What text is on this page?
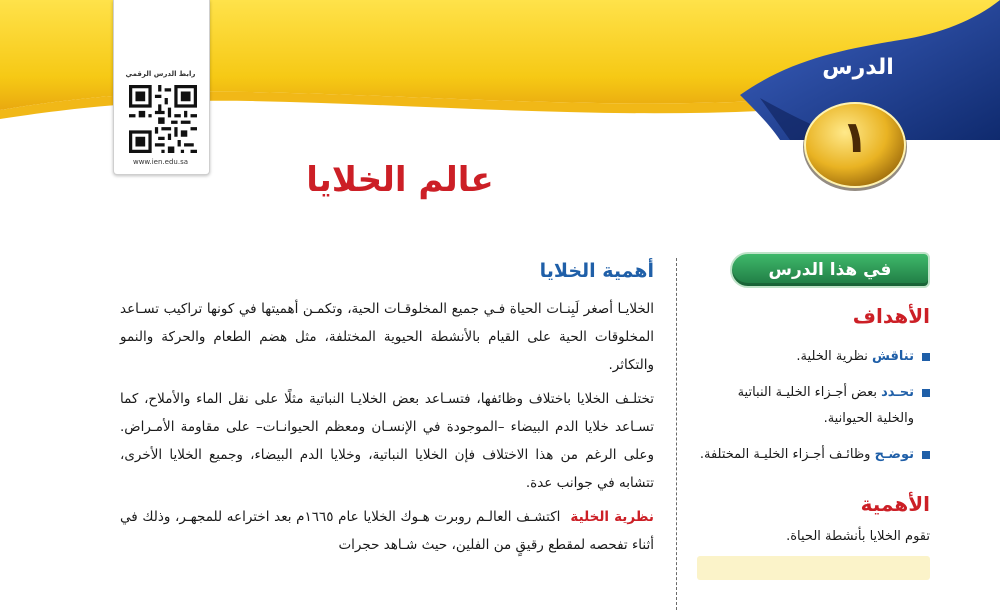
رابط الدرس الرقمي
www.ien.edu.sa
الدرس
١
عالم الخلايا
أهمية الخلايا

الخلايـا أصغر لَبِنـات الحياة فـي جميع المخلوقـات الحية، وتكمـن أهميتها في كونها تراكيب تسـاعد المخلوقات الحية على القيام بالأنشطة الحيوية المختلفة، مثل هضم الطعام والحركة والنمو والتكاثر.

تختلـف الخلايا باختلاف وظائفها، فتسـاعد بعض الخلايـا النباتية مثلًا على نقل الماء والأملاح، كما تسـاعد خلايا الدم البيضاء –الموجودة في الإنسـان ومعظم الحيوانـات– على مقاومة الأمـراض. وعلى الرغم من هذا الاختلاف فإن الخلايا النباتية، وخلايا الدم البيضاء، وجميع الخلايا الأخرى، تتشابه في جوانب عدة.

نظرية الخليةاكتشـف العالـم روبرت هـوك الخلايا عام ١٦٦٥م بعد اختراعه للمجهـر، وذلك في أثناء تفحصه لمقطع رقيقٍ من الفلين، حيث شـاهد حجرات

في هذا الدرس
الأهداف
تناقش نظرية الخلية.
تحـدد بعض أجـزاء الخليـة النباتية والخلية الحيوانية.
توضـح وظائـف أجـزاء الخليـة المختلفة.
الأهمية

تقوم الخلايا بأنشطة الحياة.
